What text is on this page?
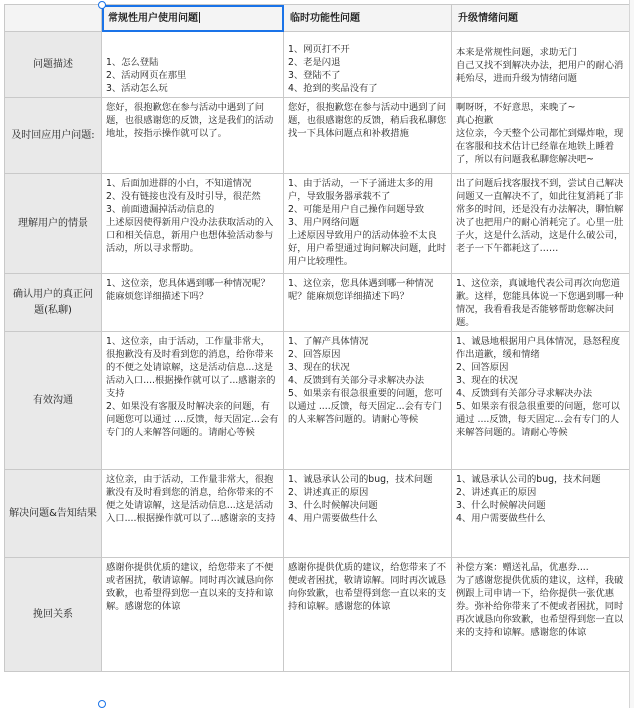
	常规性用户使用问题	临时功能性问题	升级情绪问题
问题描述	1、怎么登陆
2、活动网页在那里
3、活动怎么玩	1、网页打不开
2、老是闪退
3、登陆不了
4、抢到的奖品没有了	本来是常规性问题，求助无门
自己又找不到解决办法，把用户的耐心消耗殆尽，进而升级为情绪问题

及时回应用户问题:	您好，很抱歉您在参与活动中遇到了问题，也很感谢您的反馈，这是我们的活动地址，按指示操作就可以了。	您好，很抱歉您在参与活动中遇到了问题，也很感谢您的反馈，稍后我私聊您找一下具体问题点和补救措施	啊呀呀，不好意思，来晚了~
真心抱歉
这位亲，今天整个公司都忙到爆炸啦，现在客服和技术估计已经靠在地铁上睡着了，所以有问题我私聊您解决吧~

理解用户的情景	1、后面加进群的小白，不知道情况
2、没有链接也没有及时引导，很茫然
3、前面遗漏掉活动信息的
上述原因使得新用户没办法获取活动的入口和相关信息，新用户也想体验活动参与活动，所以寻求帮助。	1、由于活动，一下子涌进太多的用户，导致服务器承载不了
2、可能是用户自己操作问题导致
3、用户网络问题
上述原因导致用户的活动体验不太良好，用户希望通过询问解决问题，此时用户比较理性。	出了问题后找客服找不到，尝试自己解决问题又一直解决不了，如此往复消耗了非常多的时间，还是没有办法解决，聊怕解决了也把用户的耐心消耗完了。心里一肚子火，这是什么活动，这是什么破公司，老子一下午都耗这了……

确认用户的真正问题(私聊)	1、这位亲，您具体遇到哪一种情况呢？能麻烦您详细描述下吗？	1、这位亲，您具体遇到哪一种情况呢？能麻烦您详细描述下吗？	1、这位亲，真诚地代表公司再次向您道歉。这样，您能具体说一下您遇到哪一种情况，我看看我是否能够帮助您解决问题。

有效沟通	1、这位亲，由于活动，工作量非常大，很抱歉没有及时看到您的消息，给你带来的不便之处请谅解，这是活动信息...这是活动入口....根据操作就可以了...感谢亲的支持
2、如果没有客服及时解决亲的问题，有问题您可以通过 ....反馈，每天固定...会有专门的人来解答问题的。请耐心等候	1、了解产具体情况
2、回答原因
3、现在的状况
4、反馈到有关部分寻求解决办法
5、如果亲有很急很重要的问题，您可以通过 ....反馈，每天固定...会有专门的人来解答问题的。请耐心等候	1、诚恳地根据用户具体情况，恳怒程度作出道歉，缓和情绪
2、回答原因
3、现在的状况
4、反馈到有关部分寻求解决办法
5、如果亲有很急很重要的问题，您可以通过 ....反馈，每天固定...会有专门的人来解答问题的。请耐心等候

解决问题&告知结果	这位亲，由于活动，工作量非常大，很抱歉没有及时看到您的消息，给你带来的不便之处请谅解，这是活动信息...这是活动入口....根据操作就可以了...感谢亲的支持	1、诚恳承认公司的bug，技术问题
2、讲述真正的原因
3、什么时候解决问题
4、用户需要做些什么	1、诚恳承认公司的bug，技术问题
2、讲述真正的原因
3、什么时候解决问题
4、用户需要做些什么

挽回关系	感谢你提供优质的建议，给您带来了不便或者困扰，敬请谅解。同时再次诚恳向你致歉，也希望得到您一直以来的支持和谅解。感谢您的体谅	感谢你提供优质的建议，给您带来了不便或者困扰，敬请谅解。同时再次诚恳向你致歉，也希望得到您一直以来的支持和谅解。感谢您的体谅	补偿方案：赠送礼品，优惠券....
为了感谢您提供优质的建议，这样，我破例跟上司申请一下，给你提供一张优惠券。弥补给你带来了不便或者困扰，同时再次诚恳向你致歉，也希望得到您一直以来的支持和谅解。感谢您的体谅
